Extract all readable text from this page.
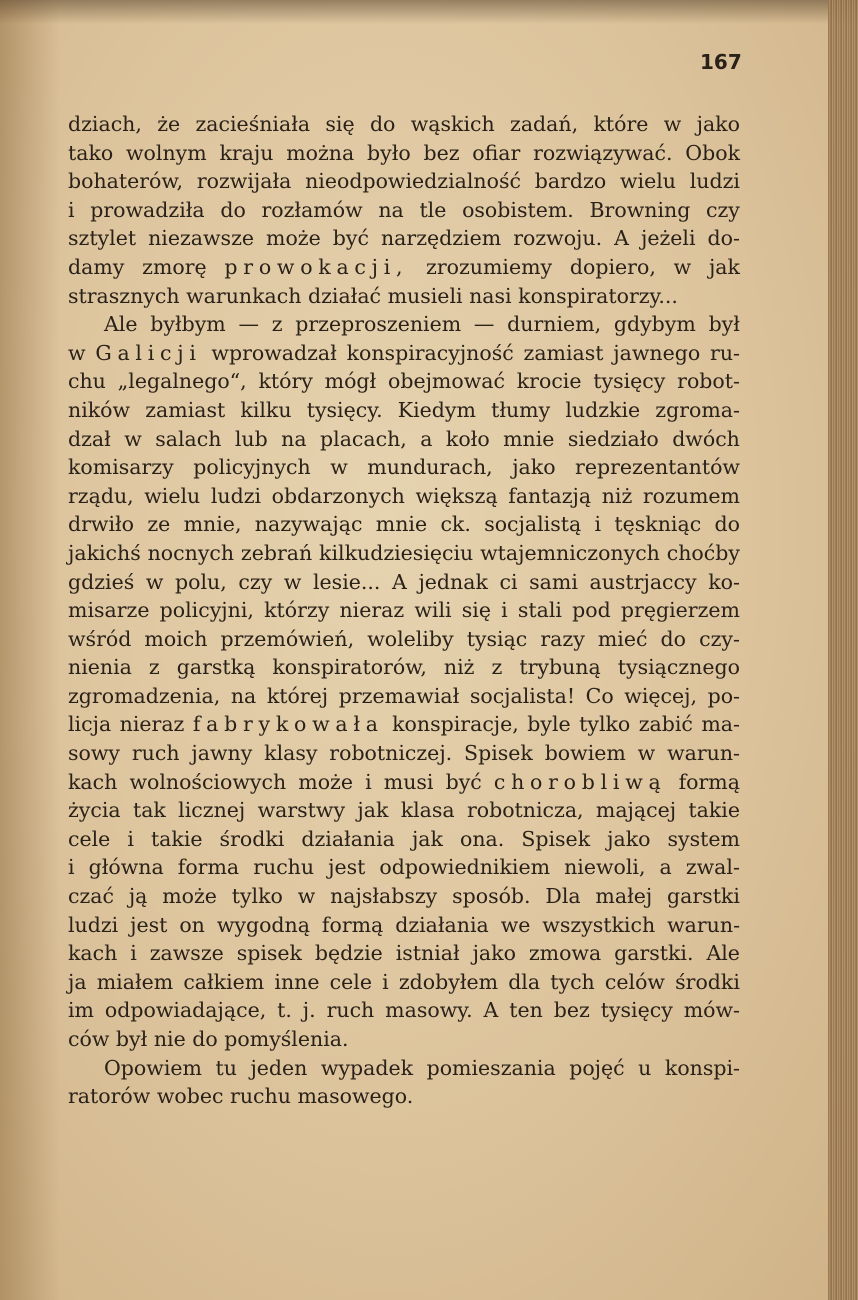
167
dziach, że zacieśniała się do wąskich zadań, które w jako
tako wolnym kraju można było bez ofiar rozwiązywać. Obok
bohaterów, rozwijała nieodpowiedzialność bardzo wielu ludzi
i prowadziła do rozłamów na tle osobistem. Browning czy
sztylet niezawsze może być narzędziem rozwoju. A jeżeli do-
damy zmorę prowokacji, zrozumiemy dopiero, w jak
strasznych warunkach działać musieli nasi konspiratorzy...
Ale byłbym — z przeproszeniem — durniem, gdybym był
w Galicji wprowadzał konspiracyjność zamiast jawnego ru-
chu „legalnego“, który mógł obejmować krocie tysięcy robot-
ników zamiast kilku tysięcy. Kiedym tłumy ludzkie zgroma-
dzał w salach lub na placach, a koło mnie siedziało dwóch
komisarzy policyjnych w mundurach, jako reprezentantów
rządu, wielu ludzi obdarzonych większą fantazją niż rozumem
drwiło ze mnie, nazywając mnie ck. socjalistą i tęskniąc do
jakichś nocnych zebrań kilkudziesięciu wtajemniczonych choćby
gdzieś w polu, czy w lesie... A jednak ci sami austrjaccy ko-
misarze policyjni, którzy nieraz wili się i stali pod pręgierzem
wśród moich przemówień, woleliby tysiąc razy mieć do czy-
nienia z garstką konspiratorów, niż z trybuną tysiącznego
zgromadzenia, na której przemawiał socjalista! Co więcej, po-
licja nieraz fabrykowała konspiracje, byle tylko zabić ma-
sowy ruch jawny klasy robotniczej. Spisek bowiem w warun-
kach wolnościowych może i musi być chorobliwą formą
życia tak licznej warstwy jak klasa robotnicza, mającej takie
cele i takie środki działania jak ona. Spisek jako system
i główna forma ruchu jest odpowiednikiem niewoli, a zwal-
czać ją może tylko w najsłabszy sposób. Dla małej garstki
ludzi jest on wygodną formą działania we wszystkich warun-
kach i zawsze spisek będzie istniał jako zmowa garstki. Ale
ja miałem całkiem inne cele i zdobyłem dla tych celów środki
im odpowiadające, t. j. ruch masowy. A ten bez tysięcy mów-
ców był nie do pomyślenia.
Opowiem tu jeden wypadek pomieszania pojęć u konspi-
ratorów wobec ruchu masowego.
